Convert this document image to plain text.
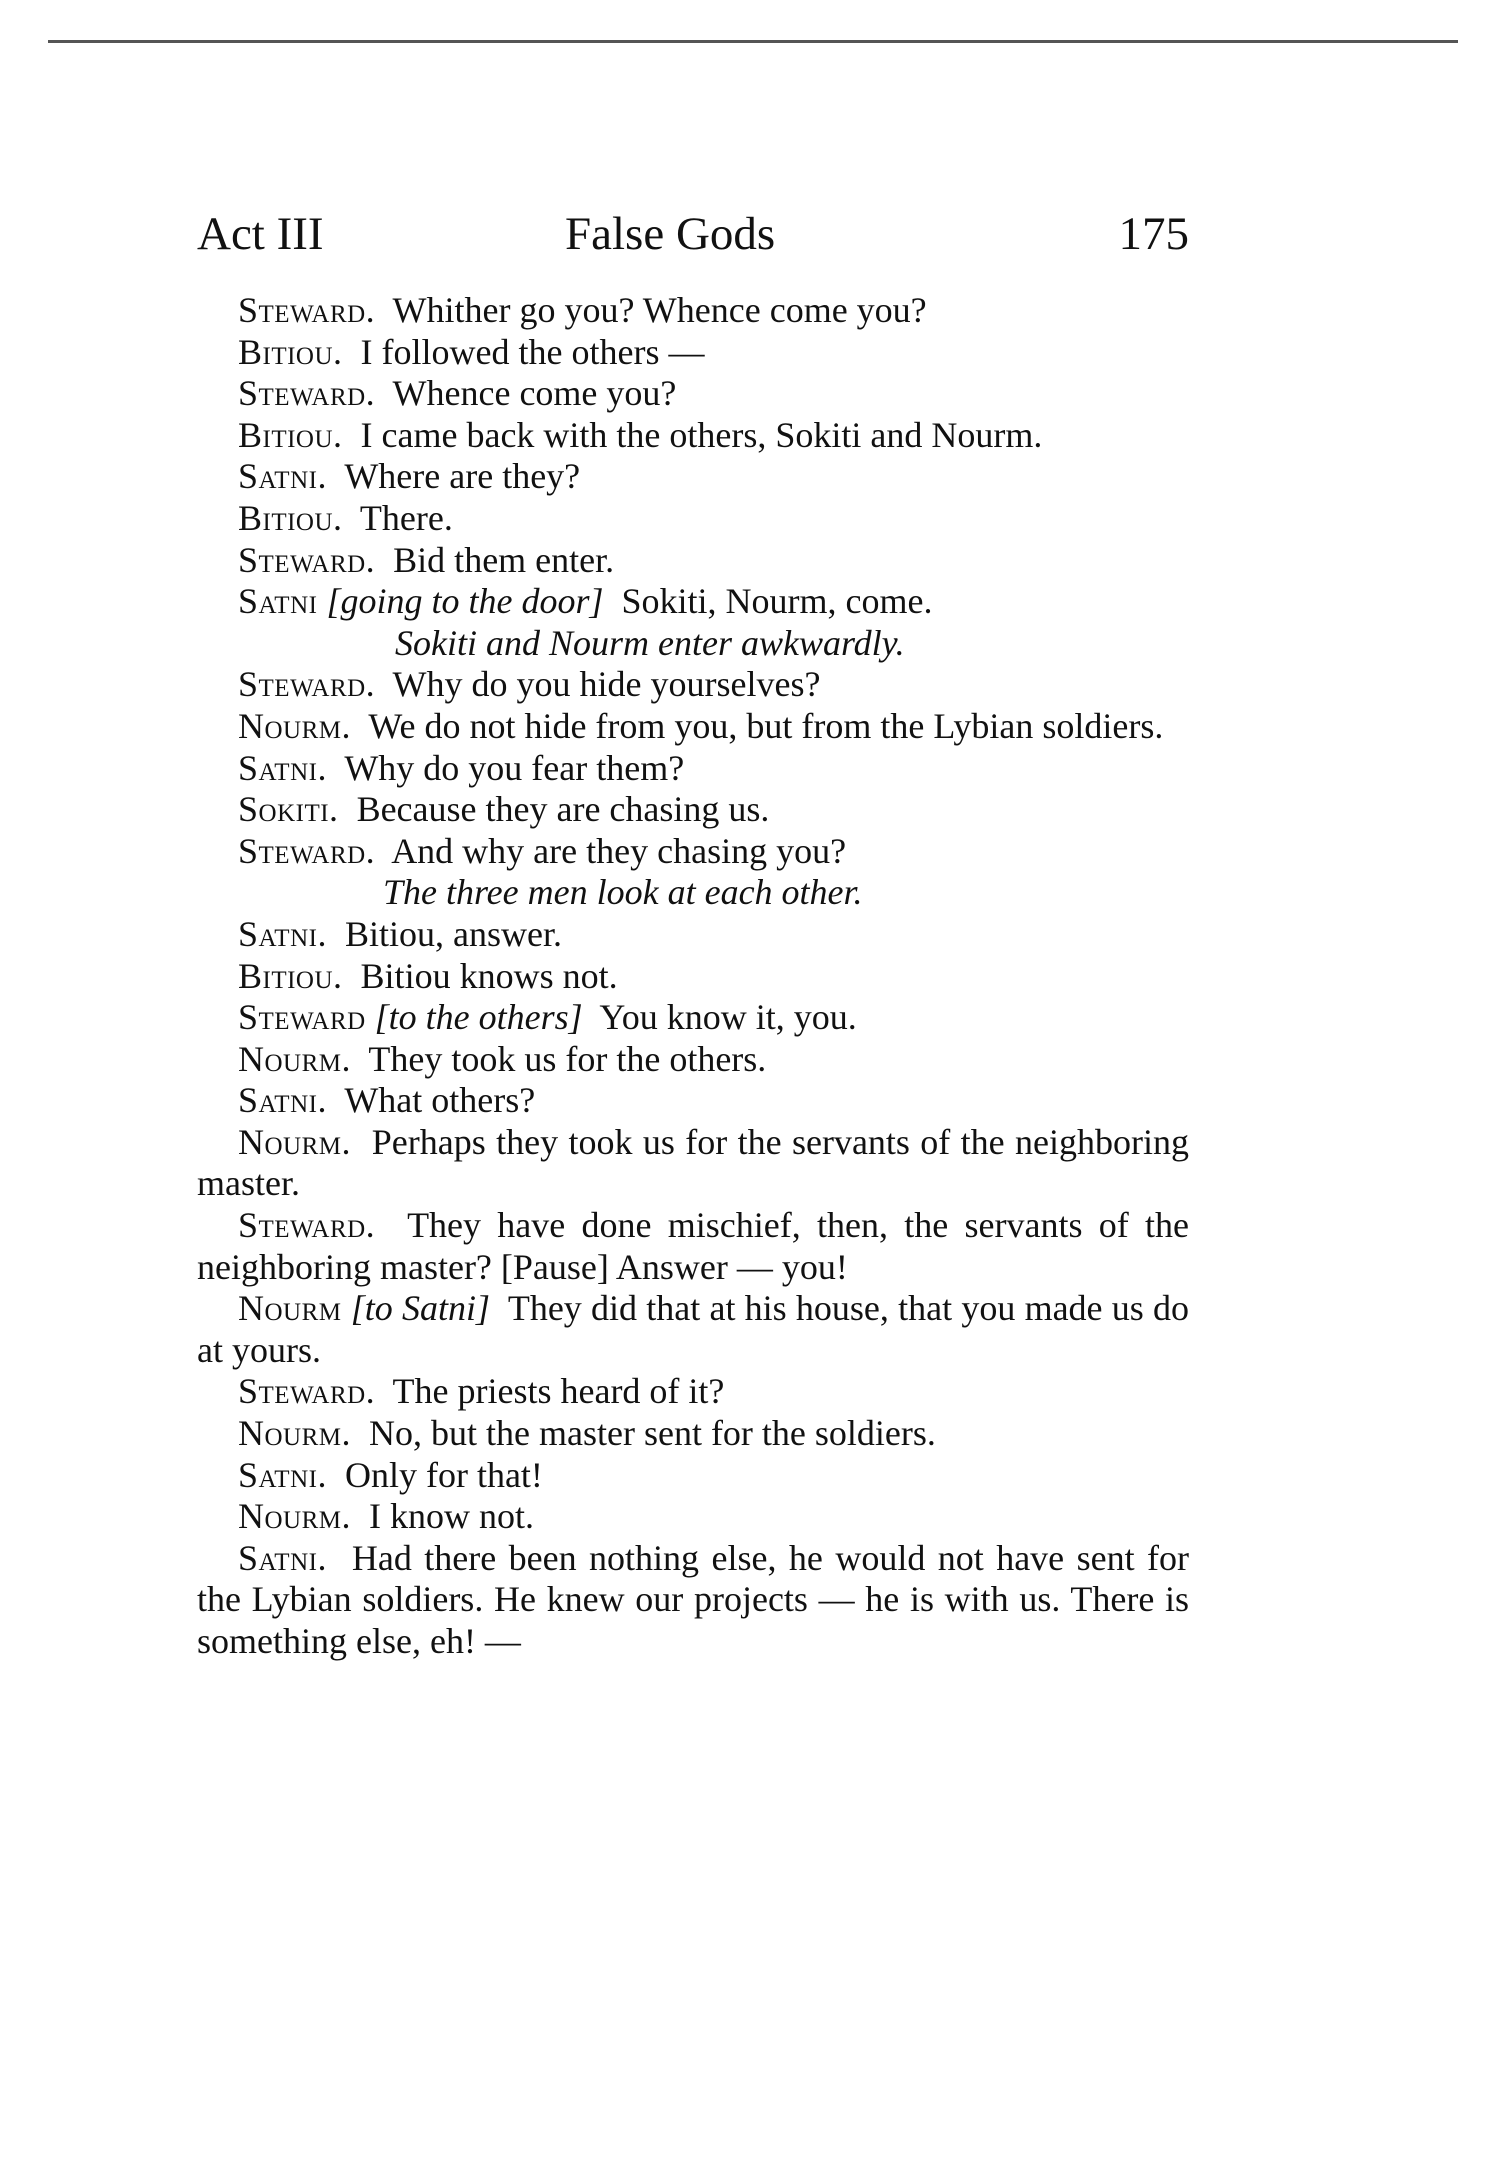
Act III	False Gods	175

Steward. Whither go you? Whence come you?

Bitiou. I followed the others —

Steward. Whence come you?

Bitiou. I came back with the others, Sokiti and Nourm.

Satni. Where are they?

Bitiou. There.

Steward. Bid them enter.

Satni [going to the door] Sokiti, Nourm, come.

Sokiti and Nourm enter awkwardly.

Steward. Why do you hide yourselves?

Nourm. We do not hide from you, but from the Lybian soldiers.

Satni. Why do you fear them?

Sokiti. Because they are chasing us.

Steward. And why are they chasing you?

The three men look at each other.

Satni. Bitiou, answer.

Bitiou. Bitiou knows not.

Steward [to the others] You know it, you.

Nourm. They took us for the others.

Satni. What others?

Nourm. Perhaps they took us for the servants of the neighboring master.

Steward. They have done mischief, then, the servants of the neighboring master? [Pause] Answer — you!

Nourm [to Satni] They did that at his house, that you made us do at yours.

Steward. The priests heard of it?

Nourm. No, but the master sent for the soldiers.

Satni. Only for that!

Nourm. I know not.

Satni. Had there been nothing else, he would not have sent for the Lybian soldiers. He knew our projects — he is with us. There is something else, eh! —
